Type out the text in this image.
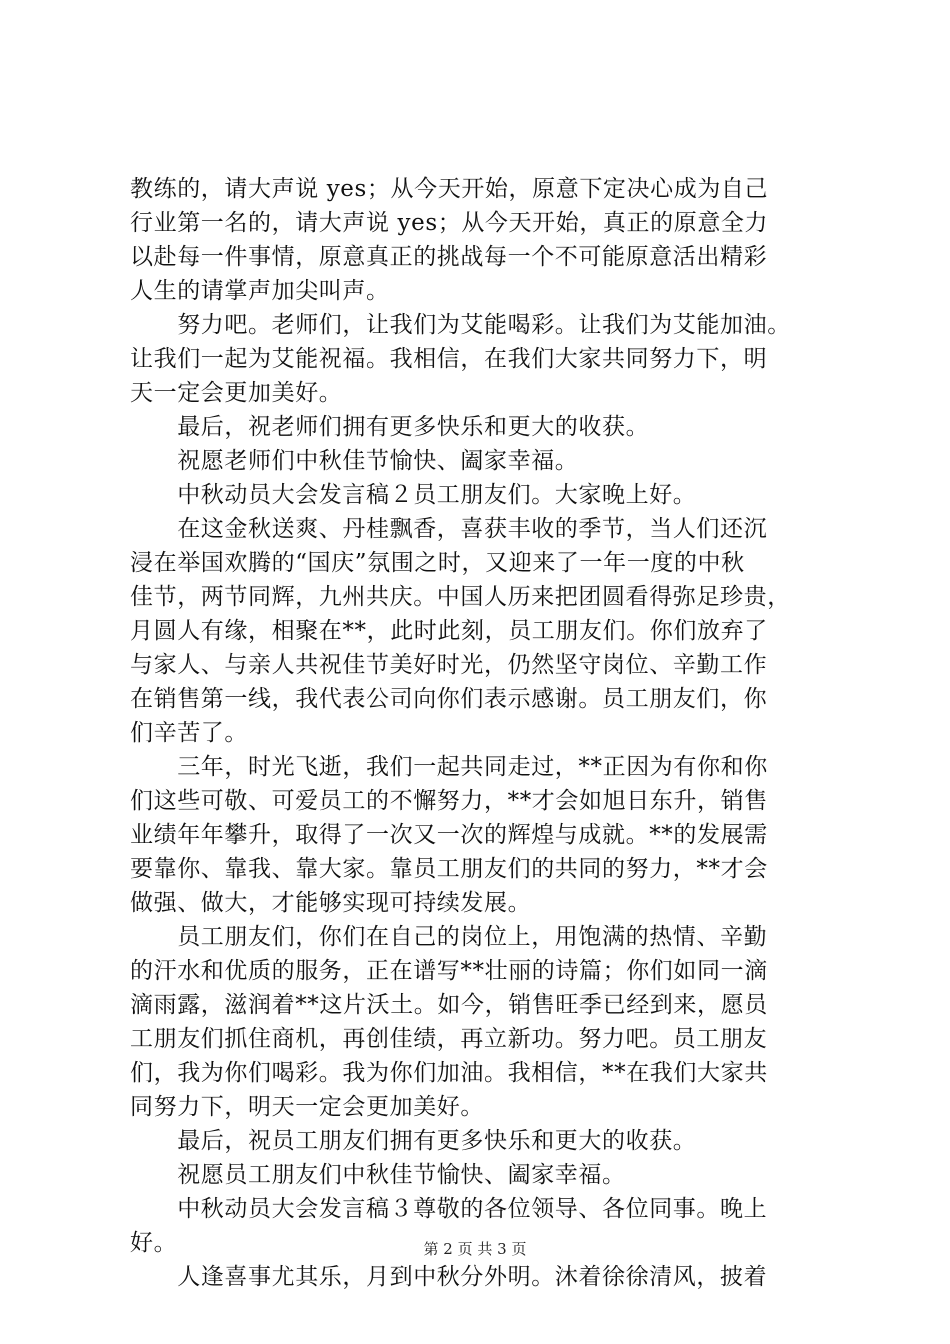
教练的，请大声说 yes；从今天开始，原意下定决心成为自己
行业第一名的，请大声说 yes；从今天开始，真正的原意全力
以赴每一件事情，原意真正的挑战每一个不可能原意活出精彩
人生的请掌声加尖叫声。
　　努力吧。老师们，让我们为艾能喝彩。让我们为艾能加油。
让我们一起为艾能祝福。我相信，在我们大家共同努力下，明
天一定会更加美好。
　　最后，祝老师们拥有更多快乐和更大的收获。
　　祝愿老师们中秋佳节愉快、阖家幸福。
　　中秋动员大会发言稿２员工朋友们。大家晚上好。
　　在这金秋送爽、丹桂飘香，喜获丰收的季节，当人们还沉
浸在举国欢腾的“国庆”氛围之时，又迎来了一年一度的中秋
佳节，两节同辉，九州共庆。中国人历来把团圆看得弥足珍贵，
月圆人有缘，相聚在**，此时此刻，员工朋友们。你们放弃了
与家人、与亲人共祝佳节美好时光，仍然坚守岗位、辛勤工作
在销售第一线，我代表公司向你们表示感谢。员工朋友们，你
们辛苦了。
　　三年，时光飞逝，我们一起共同走过，**正因为有你和你
们这些可敬、可爱员工的不懈努力，**才会如旭日东升，销售
业绩年年攀升，取得了一次又一次的辉煌与成就。**的发展需
要靠你、靠我、靠大家。靠员工朋友们的共同的努力，**才会
做强、做大，才能够实现可持续发展。
　　员工朋友们，你们在自己的岗位上，用饱满的热情、辛勤
的汗水和优质的服务，正在谱写**壮丽的诗篇；你们如同一滴
滴雨露，滋润着**这片沃土。如今，销售旺季已经到来，愿员
工朋友们抓住商机，再创佳绩，再立新功。努力吧。员工朋友
们，我为你们喝彩。我为你们加油。我相信，**在我们大家共
同努力下，明天一定会更加美好。
　　最后，祝员工朋友们拥有更多快乐和更大的收获。
　　祝愿员工朋友们中秋佳节愉快、阖家幸福。
　　中秋动员大会发言稿３尊敬的各位领导、各位同事。晚上
好。
　　人逢喜事尤其乐，月到中秋分外明。沐着徐徐清风，披着
第 2 页 共 3 页
